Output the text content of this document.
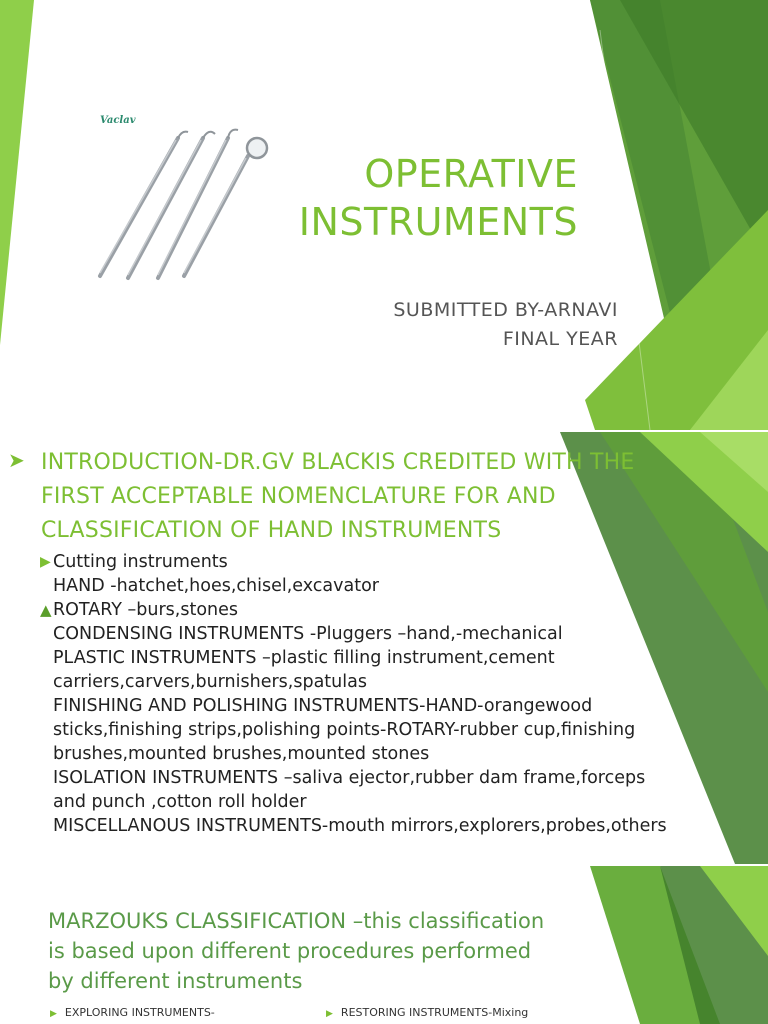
Vaclav
OPERATIVE
INSTRUMENTS
SUBMITTED BY-ARNAVI
FINAL YEAR
➤ INTRODUCTION-DR.GV BLACKIS CREDITED WITH THE
FIRST ACCEPTABLE NOMENCLATURE FOR AND
CLASSIFICATION OF HAND INSTRUMENTS
▶ Cutting instruments
HAND -hatchet,hoes,chisel,excavator
▲ ROTARY –burs,stones
CONDENSING INSTRUMENTS -Pluggers –hand,-mechanical
PLASTIC INSTRUMENTS –plastic filling instrument,cement
carriers,carvers,burnishers,spatulas
FINISHING AND POLISHING INSTRUMENTS-HAND-orangewood
sticks,finishing strips,polishing points-ROTARY-rubber cup,finishing
brushes,mounted brushes,mounted stones
ISOLATION INSTRUMENTS –saliva ejector,rubber dam frame,forceps
and punch ,cotton roll holder
MISCELLANOUS INSTRUMENTS-mouth mirrors,explorers,probes,others
MARZOUKS CLASSIFICATION –this classification
is based upon different procedures performed
by different instruments
▶ EXPLORING INSTRUMENTS-	▶ RESTORING INSTRUMENTS-Mixing
